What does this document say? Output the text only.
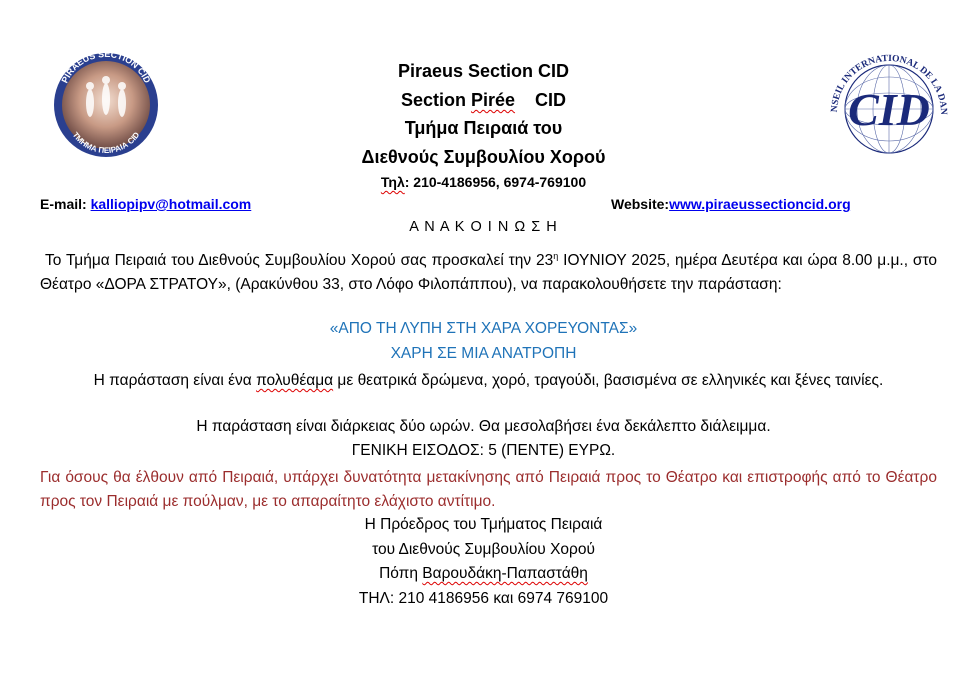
PIRAEUS SECTION CID
ΤΜΗΜΑ ΠΕΙΡΑΙΑ CID
CID
NSEIL INTERNATIONAL DE LA DAN
Piraeus Section CID
Section Pirée CID
Τμήμα Πειραιά του
Διεθνούς Συμβουλίου Χορού
Τηλ: 210-4186956, 6974-769100
E-mail: kalliopipv@hotmail.com	Website:www.piraeussectioncid.org
Α Ν Α Κ Ο Ι Ν Ω Σ Η
Το Τμήμα Πειραιά του Διεθνούς Συμβουλίου Χορού σας προσκαλεί την $23^\eta$ ΙΟΥΝΙΟΥ 2025, ημέρα Δευτέρα και ώρα 8.00 μ.μ., στο Θέατρο «ΔΟΡΑ ΣΤΡΑΤΟΥ», (Αρακύνθου 33, στο Λόφο Φιλοπάππου), να παρακολουθήσετε την παράσταση:
«ΑΠΟ ΤΗ ΛΥΠΗ ΣΤΗ ΧΑΡΑ ΧΟΡΕΥΟΝΤΑΣ»
ΧΑΡΗ ΣΕ ΜΙΑ ΑΝΑΤΡΟΠΗ
Η παράσταση είναι ένα πολυθέαμα με θεατρικά δρώμενα, χορό, τραγούδι, βασισμένα σε ελληνικές και ξένες ταινίες.
Η παράσταση είναι διάρκειας δύο ωρών. Θα μεσολαβήσει ένα δεκάλεπτο διάλειμμα.
ΓΕΝΙΚΗ ΕΙΣΟΔΟΣ: 5 (ΠΕΝΤΕ) ΕΥΡΩ.
Για όσους θα έλθουν από Πειραιά, υπάρχει δυνατότητα μετακίνησης από Πειραιά προς το Θέατρο και επιστροφής από το Θέατρο προς τον Πειραιά με πούλμαν, με το απαραίτητο ελάχιστο αντίτιμο.
Η Πρόεδρος του Τμήματος Πειραιά
του Διεθνούς Συμβουλίου Χορού
Πόπη Βαρουδάκη-Παπαστάθη
ΤΗΛ: 210 4186956 και 6974 769100
